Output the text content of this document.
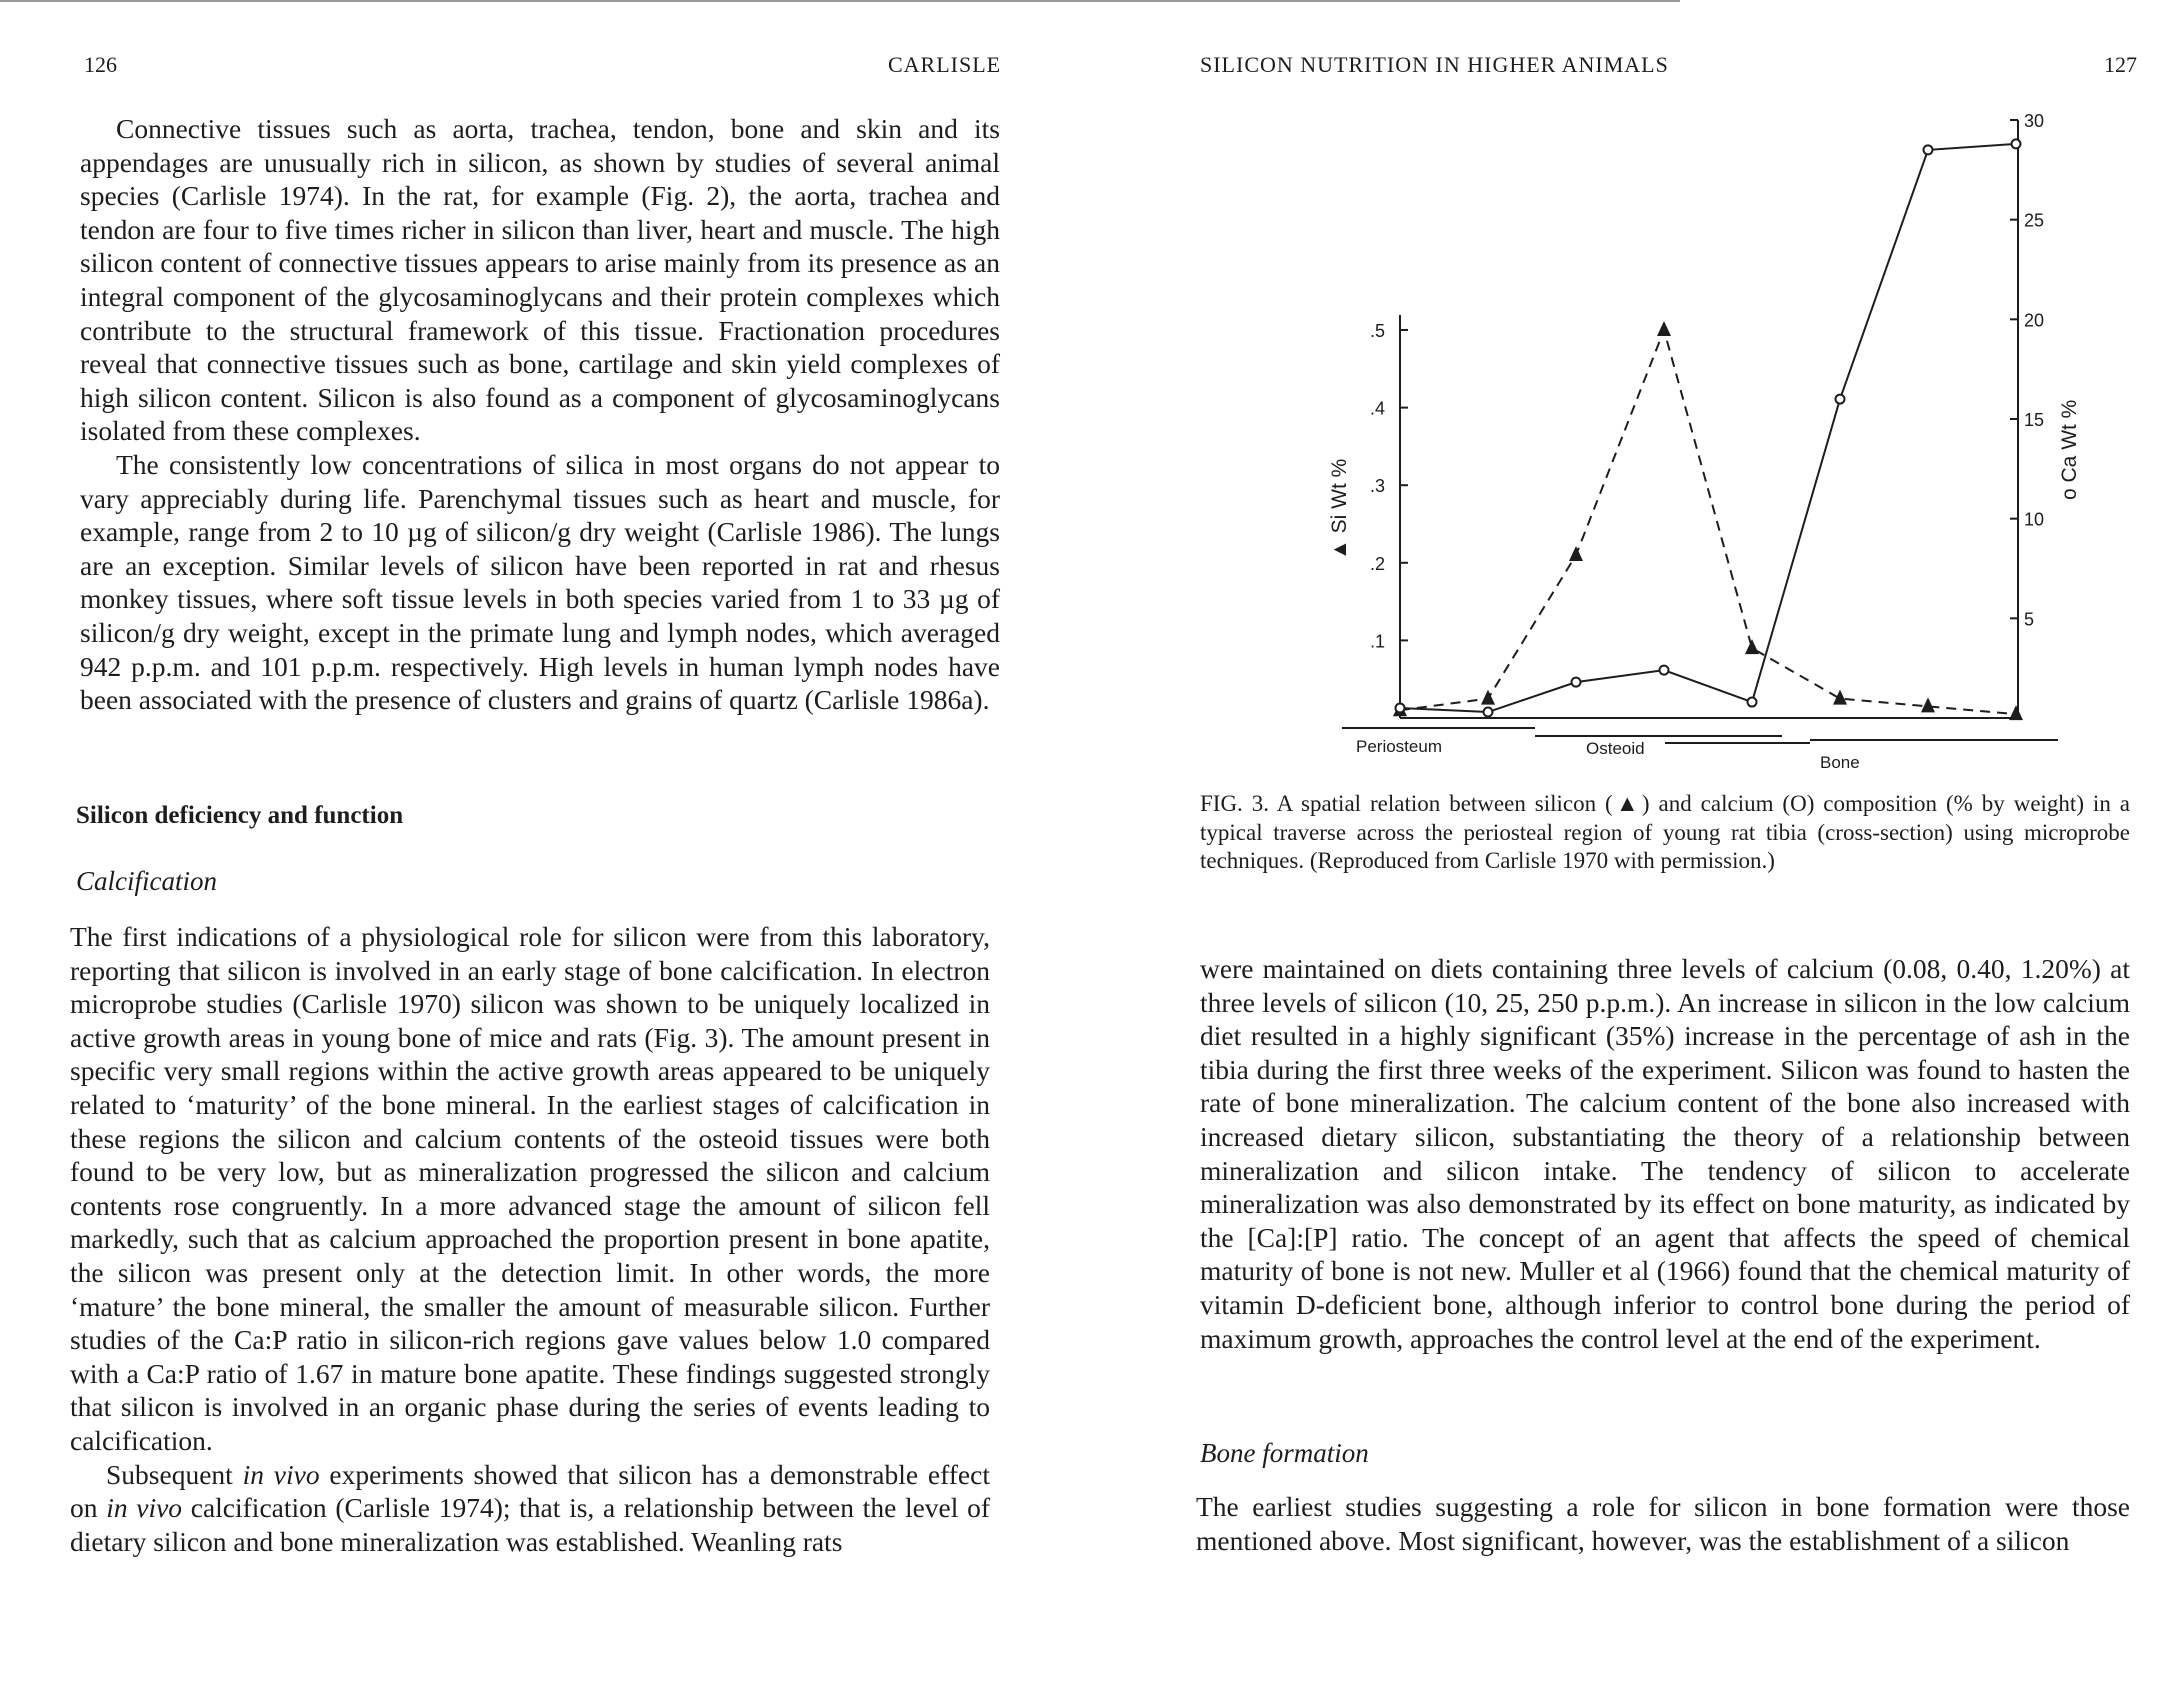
126	CARLISLE

Connective tissues such as aorta, trachea, tendon, bone and skin and its appendages are unusually rich in silicon, as shown by studies of several animal species (Carlisle 1974). In the rat, for example (Fig. 2), the aorta, trachea and tendon are four to five times richer in silicon than liver, heart and muscle. The high silicon content of connective tissues appears to arise mainly from its presence as an integral component of the glycosaminoglycans and their protein complexes which contribute to the structural framework of this tissue. Fractionation procedures reveal that connective tissues such as bone, cartilage and skin yield complexes of high silicon content. Silicon is also found as a component of glycosaminoglycans isolated from these complexes.

The consistently low concentrations of silica in most organs do not appear to vary appreciably during life. Parenchymal tissues such as heart and muscle, for example, range from 2 to 10 µg of silicon/g dry weight (Carlisle 1986). The lungs are an exception. Similar levels of silicon have been reported in rat and rhesus monkey tissues, where soft tissue levels in both species varied from 1 to 33 µg of silicon/g dry weight, except in the primate lung and lymph nodes, which averaged 942 p.p.m. and 101 p.p.m. respectively. High levels in human lymph nodes have been associated with the presence of clusters and grains of quartz (Carlisle 1986a).

Silicon deficiency and function
Calcification

The first indications of a physiological role for silicon were from this laboratory, reporting that silicon is involved in an early stage of bone calcification. In electron microprobe studies (Carlisle 1970) silicon was shown to be uniquely localized in active growth areas in young bone of mice and rats (Fig. 3). The amount present in specific very small regions within the active growth areas appeared to be uniquely related to ‘maturity’ of the bone mineral. In the earliest stages of calcification in these regions the silicon and calcium contents of the osteoid tissues were both found to be very low, but as mineralization progressed the silicon and calcium contents rose congruently. In a more advanced stage the amount of silicon fell markedly, such that as calcium approached the proportion present in bone apatite, the silicon was present only at the detection limit. In other words, the more ‘mature’ the bone mineral, the smaller the amount of measurable silicon. Further studies of the Ca:P ratio in silicon-rich regions gave values below 1.0 compared with a Ca:P ratio of 1.67 in mature bone apatite. These findings suggested strongly that silicon is involved in an organic phase during the series of events leading to calcification.

Subsequent in vivo experiments showed that silicon has a demonstrable effect on in vivo calcification (Carlisle 1974); that is, a relationship between the level of dietary silicon and bone mineralization was established. Weanling rats

SILICON NUTRITION IN HIGHER ANIMALS	127
.1
.2
.3
.4
.5
5
10
15
20
25
30
▲ Si Wt %
o Ca Wt %
Periosteum	Osteoid
Bone
FIG. 3. A spatial relation between silicon (▲) and calcium (O) composition (% by weight) in a typical traverse across the periosteal region of young rat tibia (cross-section) using microprobe techniques. (Reproduced from Carlisle 1970 with permission.)

were maintained on diets containing three levels of calcium (0.08, 0.40, 1.20%) at three levels of silicon (10, 25, 250 p.p.m.). An increase in silicon in the low calcium diet resulted in a highly significant (35%) increase in the percentage of ash in the tibia during the first three weeks of the experiment. Silicon was found to hasten the rate of bone mineralization. The calcium content of the bone also increased with increased dietary silicon, substantiating the theory of a relationship between mineralization and silicon intake. The tendency of silicon to accelerate mineralization was also demonstrated by its effect on bone maturity, as indicated by the [Ca]:[P] ratio. The concept of an agent that affects the speed of chemical maturity of bone is not new. Muller et al (1966) found that the chemical maturity of vitamin D-deficient bone, although inferior to control bone during the period of maximum growth, approaches the control level at the end of the experiment.

Bone formation

The earliest studies suggesting a role for silicon in bone formation were those mentioned above. Most significant, however, was the establishment of a silicon
